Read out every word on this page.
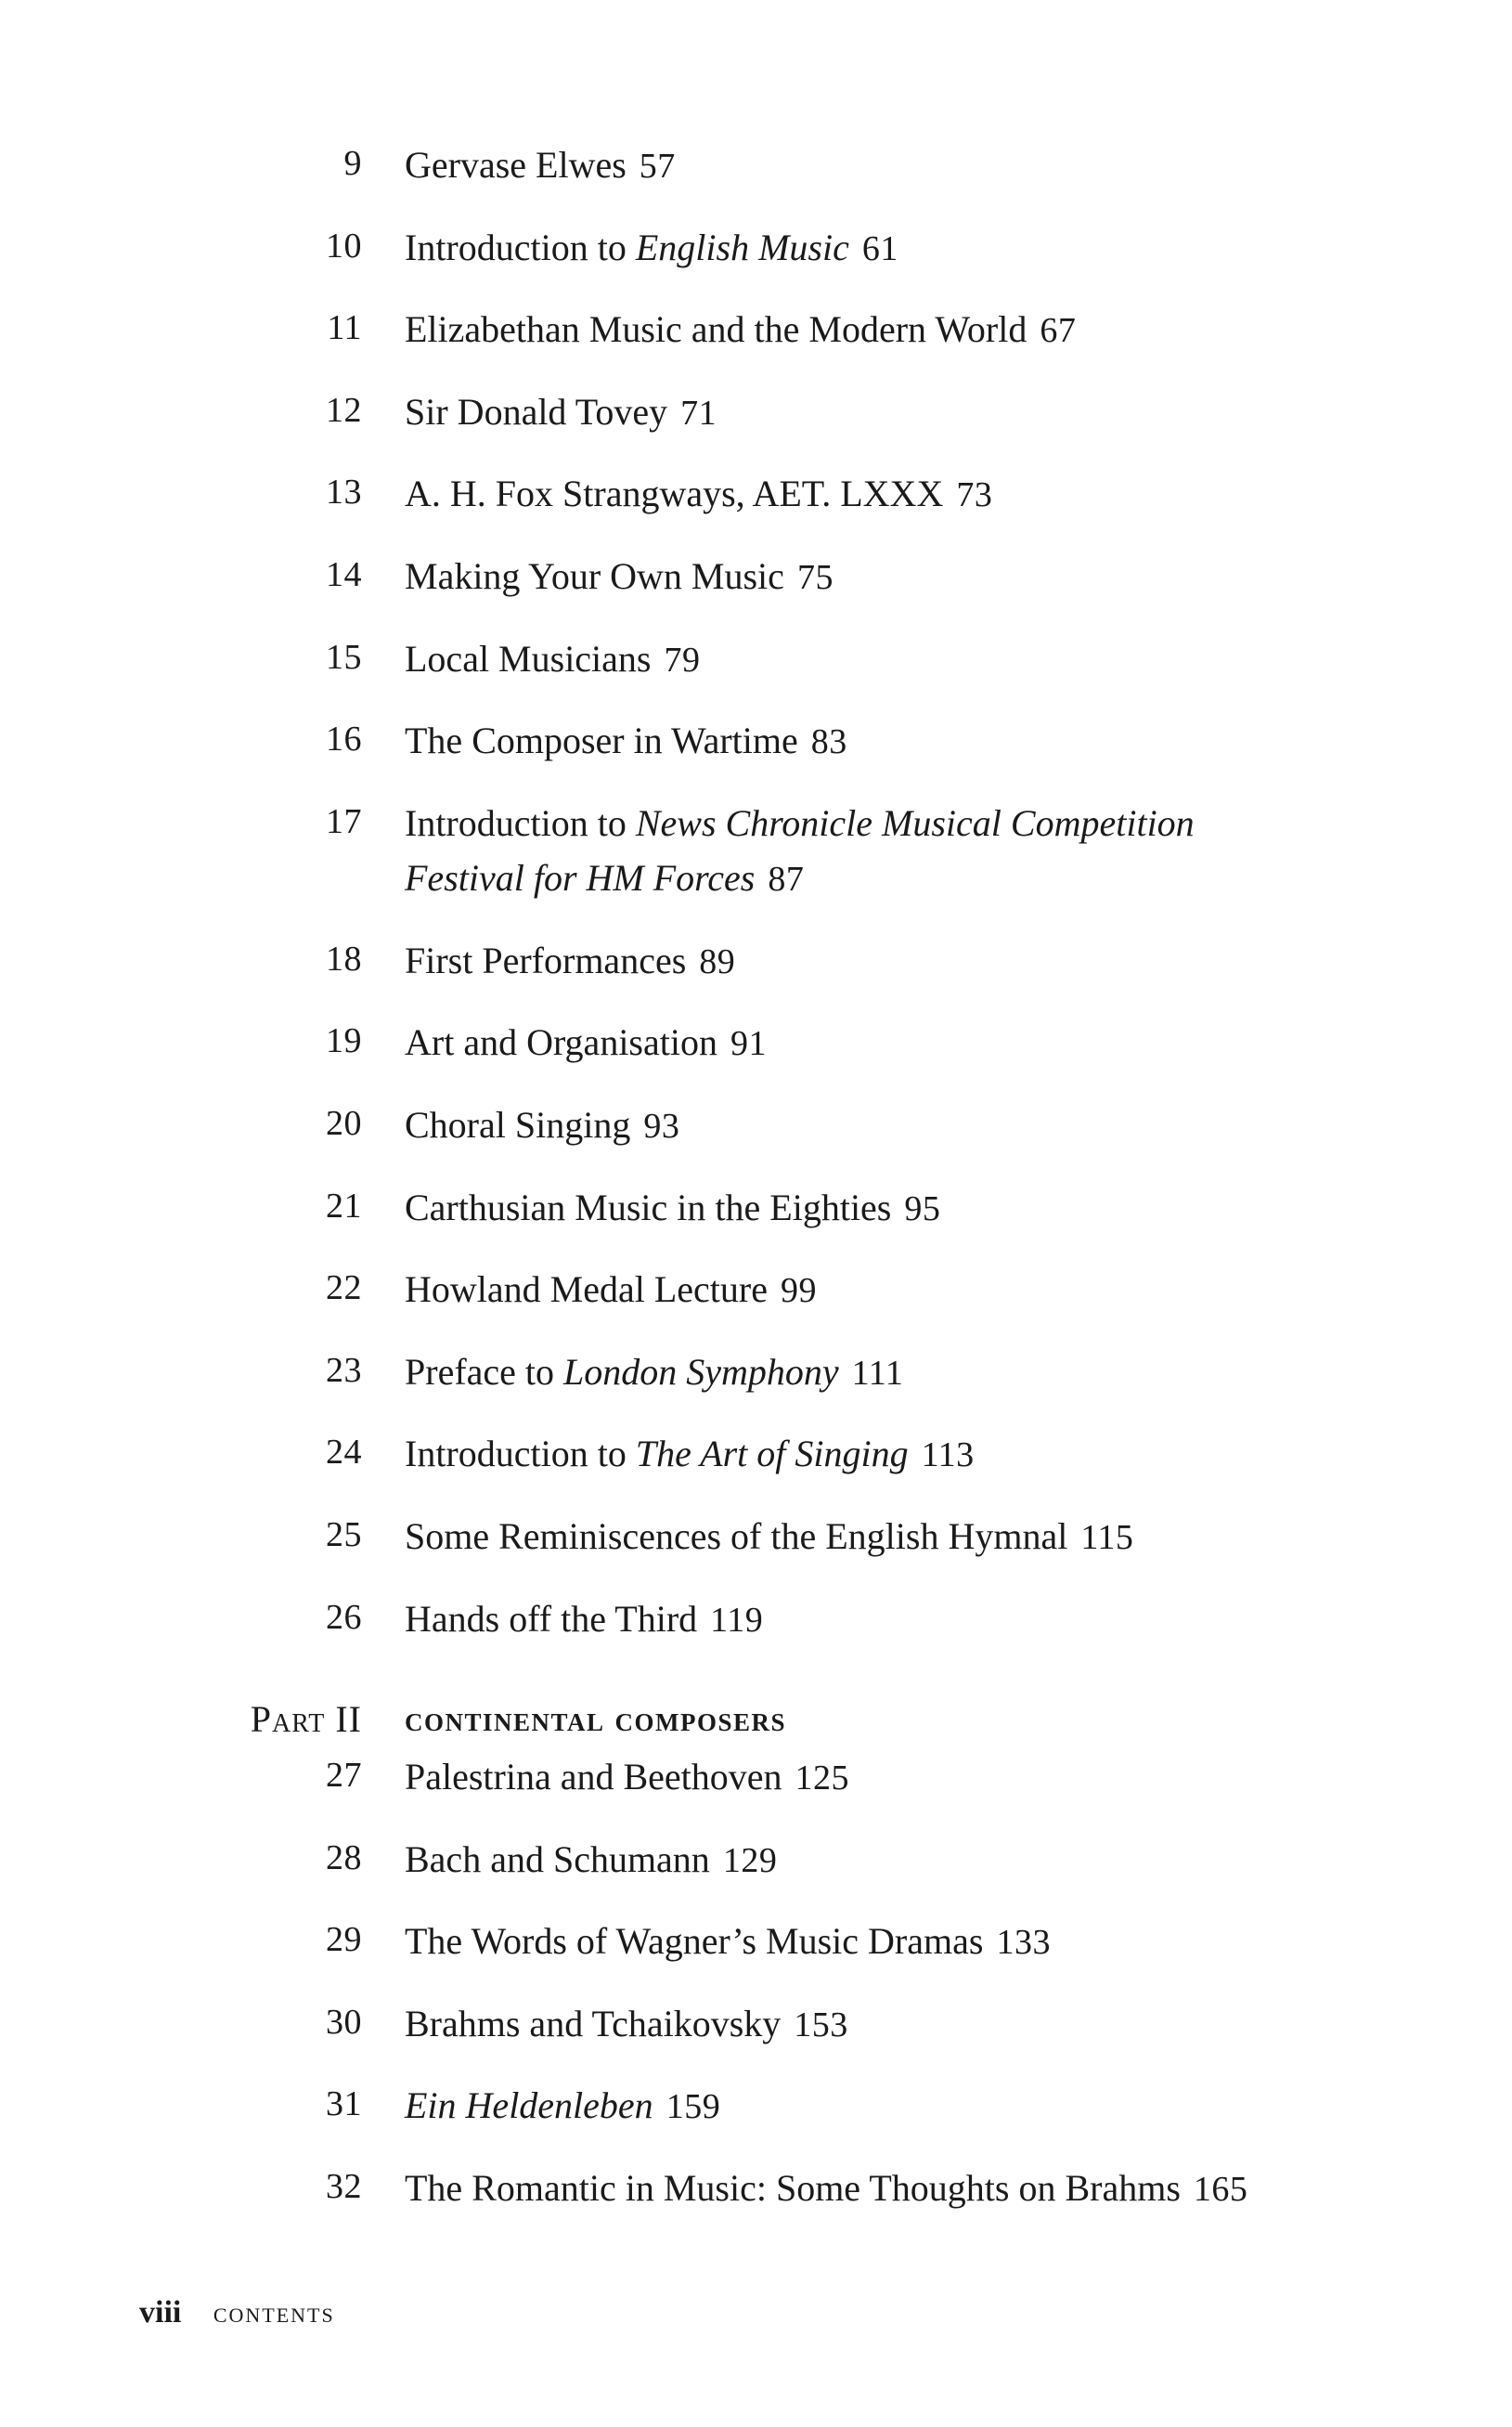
9 Gervase Elwes 57
10 Introduction to English Music 61
11 Elizabethan Music and the Modern World 67
12 Sir Donald Tovey 71
13 A. H. Fox Strangways, AET. LXXX 73
14 Making Your Own Music 75
15 Local Musicians 79
16 The Composer in Wartime 83
17 Introduction to News Chronicle Musical Competition Festival for HM Forces 87
18 First Performances 89
19 Art and Organisation 91
20 Choral Singing 93
21 Carthusian Music in the Eighties 95
22 Howland Medal Lecture 99
23 Preface to London Symphony 111
24 Introduction to The Art of Singing 113
25 Some Reminiscences of the English Hymnal 115
26 Hands off the Third 119
Part II continental composers
27 Palestrina and Beethoven 125
28 Bach and Schumann 129
29 The Words of Wagner’s Music Dramas 133
30 Brahms and Tchaikovsky 153
31 Ein Heldenleben 159
32 The Romantic in Music: Some Thoughts on Brahms 165
viii contents
